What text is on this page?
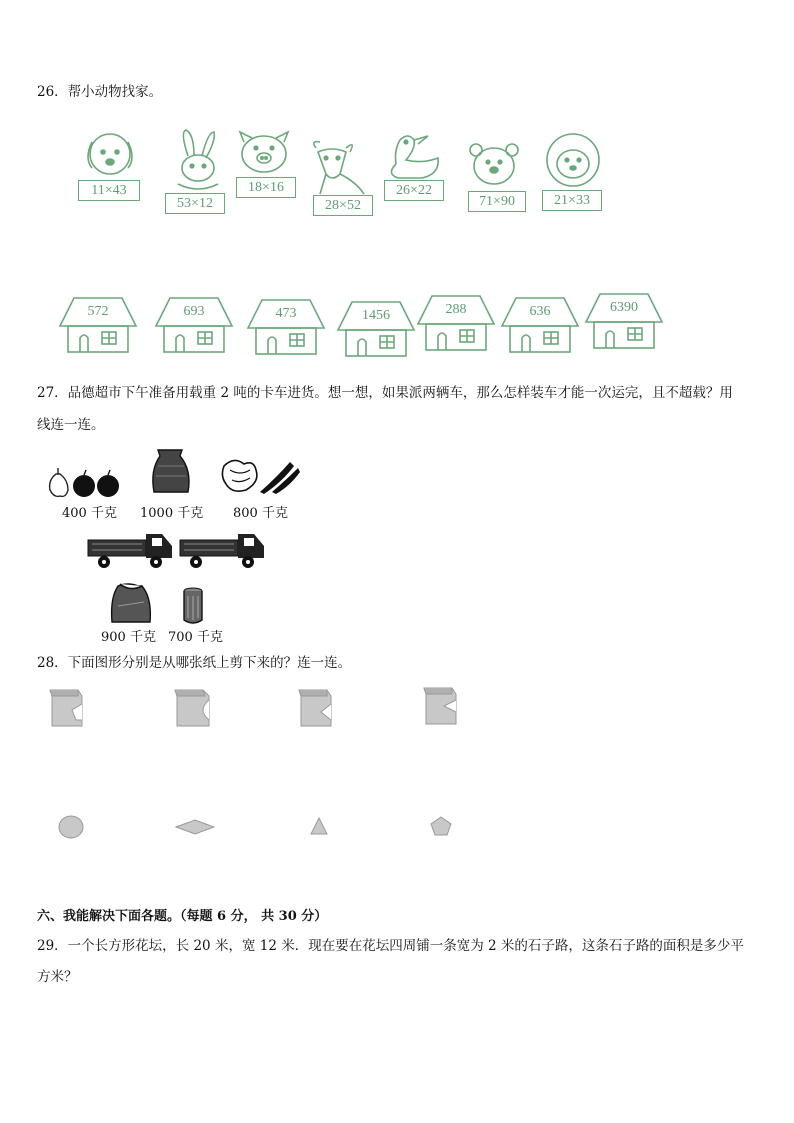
26．帮小动物找家。
11×43
53×12
18×16
28×52
26×22
71×90	21×33
572	693	473	1456	288	636	6390
27．品德超市下午准备用载重 2 吨的卡车进货。想一想，如果派两辆车，那么怎样装车才能一次运完，且不超载？用
线连一连。
400 千克 1000 千克 800 千克
900 千克 700 千克
28．下面图形分别是从哪张纸上剪下来的？连一连。
六、我能解决下面各题。（每题 6 分， 共 30 分）
29．一个长方形花坛，长 20 米，宽 12 米．现在要在花坛四周铺一条宽为 2 米的石子路，这条石子路的面积是多少平
方米？
